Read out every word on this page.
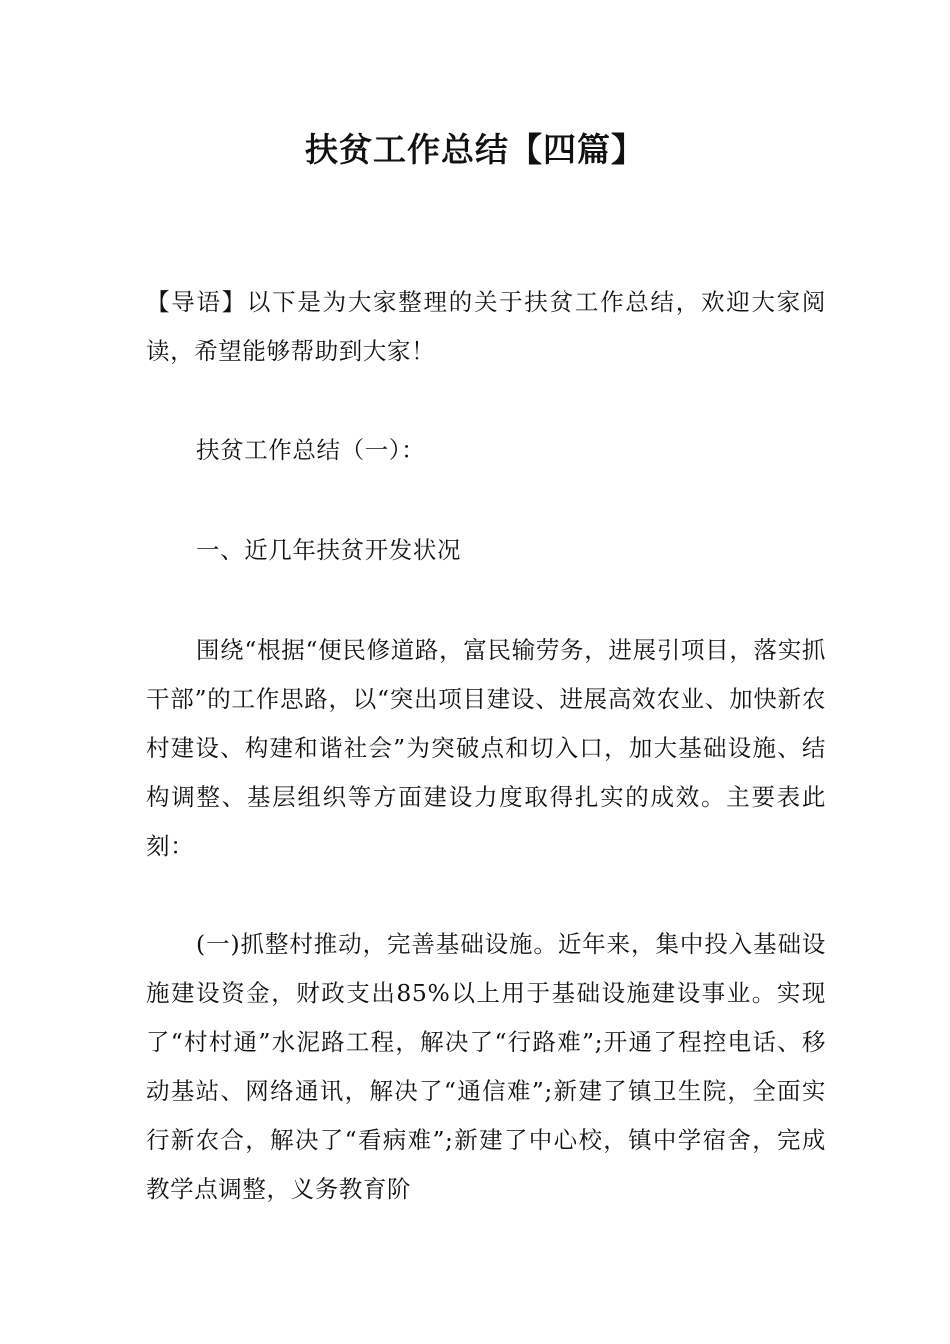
扶贫工作总结【四篇】

【导语】以下是为大家整理的关于扶贫工作总结，欢迎大家阅读，希望能够帮助到大家！

扶贫工作总结（一）：

一、近几年扶贫开发状况

围绕“根据“便民修道路，富民输劳务，进展引项目，落实抓干部”的工作思路，以“突出项目建设、进展高效农业、加快新农村建设、构建和谐社会”为突破点和切入口，加大基础设施、结构调整、基层组织等方面建设力度取得扎实的成效。主要表此刻：

(一)抓整村推动，完善基础设施。近年来，集中投入基础设施建设资金，财政支出85%以上用于基础设施建设事业。实现了“村村通”水泥路工程，解决了“行路难”;开通了程控电话、移动基站、网络通讯，解决了“通信难”;新建了镇卫生院，全面实行新农合，解决了“看病难”;新建了中心校，镇中学宿舍，完成教学点调整，义务教育阶
